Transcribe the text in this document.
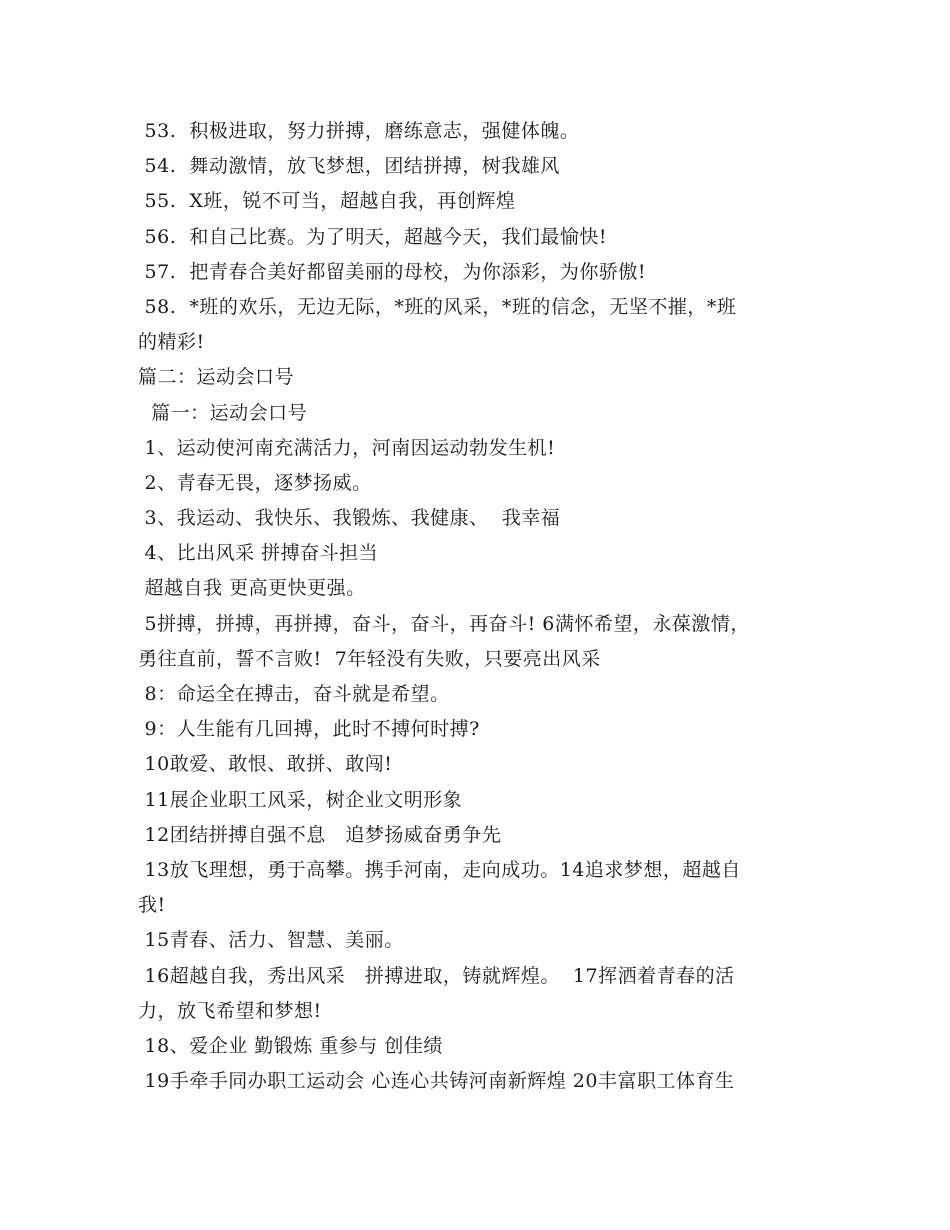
53.  积极进取，努力拼搏，磨练意志，强健体魄。
54.  舞动激情，放飞梦想，团结拼搏，树我雄风
55.  X班，锐不可当，超越自我，再创辉煌
56.  和自己比赛。为了明天，超越今天，我们最愉快!
57.  把青春合美好都留美丽的母校，为你添彩，为你骄傲!
58.  *班的欢乐，无边无际，*班的风采，*班的信念，无坚不摧，*班
的精彩!
篇二：运动会口号
篇一：运动会口号
1、运动使河南充满活力，河南因运动勃发生机!
2、青春无畏，逐梦扬威。
3、我运动、我快乐、我锻炼、我健康、  我幸福
4、比出风采 拼搏奋斗担当
超越自我 更高更快更强。
5拼搏，拼搏，再拼搏，奋斗，奋斗，再奋斗! 6满怀希望，永葆激情，
勇往直前，誓不言败!  7年轻没有失败，只要亮出风采
8：命运全在搏击，奋斗就是希望。
9：人生能有几回搏，此时不搏何时搏?
10敢爱、敢恨、敢拼、敢闯!
11展企业职工风采，树企业文明形象
12团结拼搏自强不息   追梦扬威奋勇争先
13放飞理想，勇于高攀。携手河南，走向成功。14追求梦想，超越自
我!
15青春、活力、智慧、美丽。
16超越自我，秀出风采   拼搏进取，铸就辉煌。  17挥洒着青春的活
力，放飞希望和梦想!
18、爱企业 勤锻炼 重参与 创佳绩
19手牵手同办职工运动会 心连心共铸河南新辉煌 20丰富职工体育生
